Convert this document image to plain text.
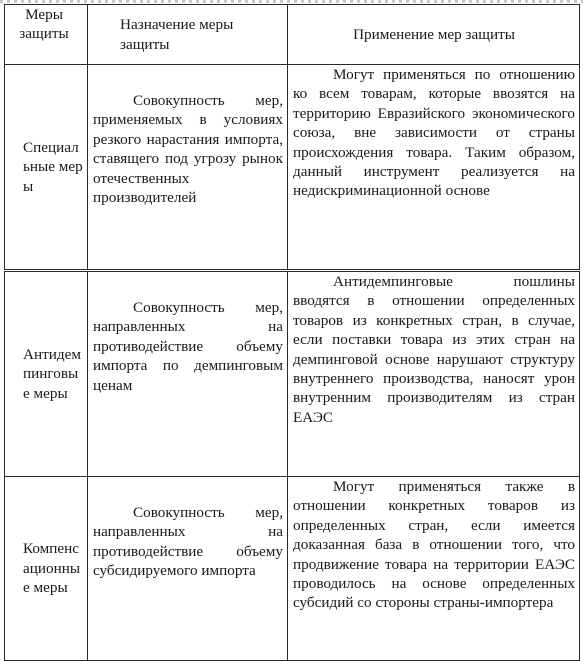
Меры защиты	Назначение меры защиты	Применение мер защиты
Специальные меры	Совокупность мер, применяемых в условиях резкого нарастания импорта, ставящего под угрозу рынок отечественных производителей	Могут применяться по отношению ко всем товарам, которые ввозятся на территорию Евразийского экономического союза, вне зависимости от страны происхождения товара. Таким образом, данный инструмент реализуется на недискриминационной основе

Антидемпинговые меры	Совокупность мер, направленных на противодействие объему импорта по демпинговым ценам	Антидемпинговые пошлины вводятся в отношении определенных товаров из конкретных стран, в случае, если поставки товара из этих стран на демпинговой основе нарушают структуру внутреннего производства, наносят урон внутренним производителям из стран ЕАЭС

Компенсационные меры	Совокупность мер, направленных на противодействие объему субсидируемого импорта	Могут применяться также в отношении конкретных товаров из определенных стран, если имеется доказанная база в отношении того, что продвижение товара на территории ЕАЭС проводилось на основе определенных субсидий со стороны страны-импортера
